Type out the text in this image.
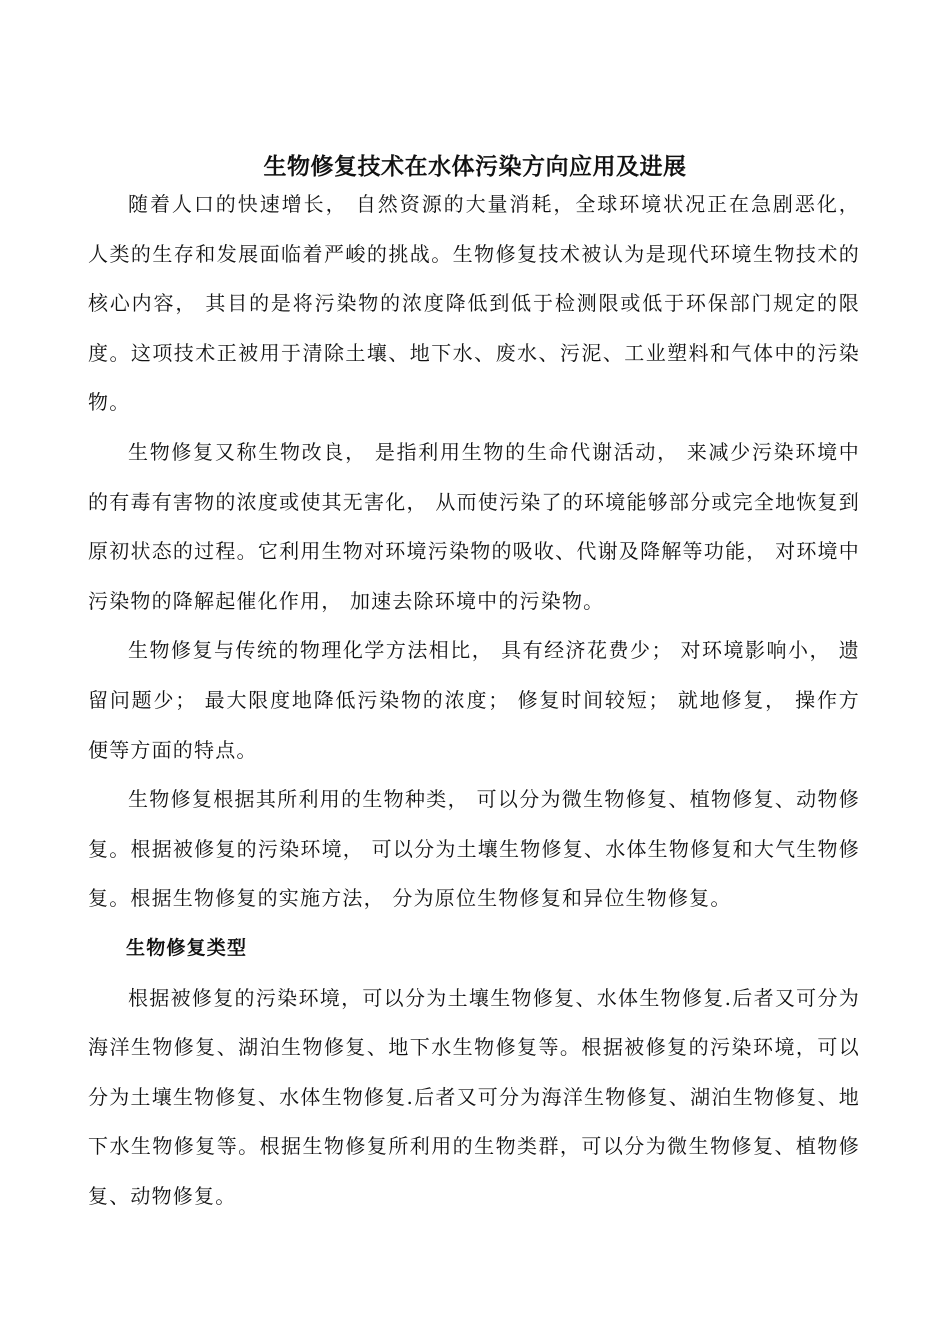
生物修复技术在水体污染方向应用及进展

随着人口的快速增长， 自然资源的大量消耗，全球环境状况正在急剧恶化， 人类的生存和发展面临着严峻的挑战。生物修复技术被认为是现代环境生物技术的核心内容， 其目的是将污染物的浓度降低到低于检测限或低于环保部门规定的限度。这项技术正被用于清除土壤、地下水、废水、污泥、工业塑料和气体中的污染物。

生物修复又称生物改良， 是指利用生物的生命代谢活动， 来减少污染环境中的有毒有害物的浓度或使其无害化， 从而使污染了的环境能够部分或完全地恢复到原初状态的过程。它利用生物对环境污染物的吸收、代谢及降解等功能， 对环境中污染物的降解起催化作用， 加速去除环境中的污染物。

生物修复与传统的物理化学方法相比， 具有经济花费少； 对环境影响小， 遗留问题少； 最大限度地降低污染物的浓度； 修复时间较短； 就地修复， 操作方便等方面的特点。

生物修复根据其所利用的生物种类， 可以分为微生物修复、植物修复、动物修复。根据被修复的污染环境， 可以分为土壤生物修复、水体生物修复和大气生物修复。根据生物修复的实施方法， 分为原位生物修复和异位生物修复。

生物修复类型

根据被修复的污染环境，可以分为土壤生物修复、水体生物修复.后者又可分为海洋生物修复、湖泊生物修复、地下水生物修复等。根据被修复的污染环境，可以分为土壤生物修复、水体生物修复.后者又可分为海洋生物修复、湖泊生物修复、地下水生物修复等。根据生物修复所利用的生物类群，可以分为微生物修复、植物修复、动物修复。
